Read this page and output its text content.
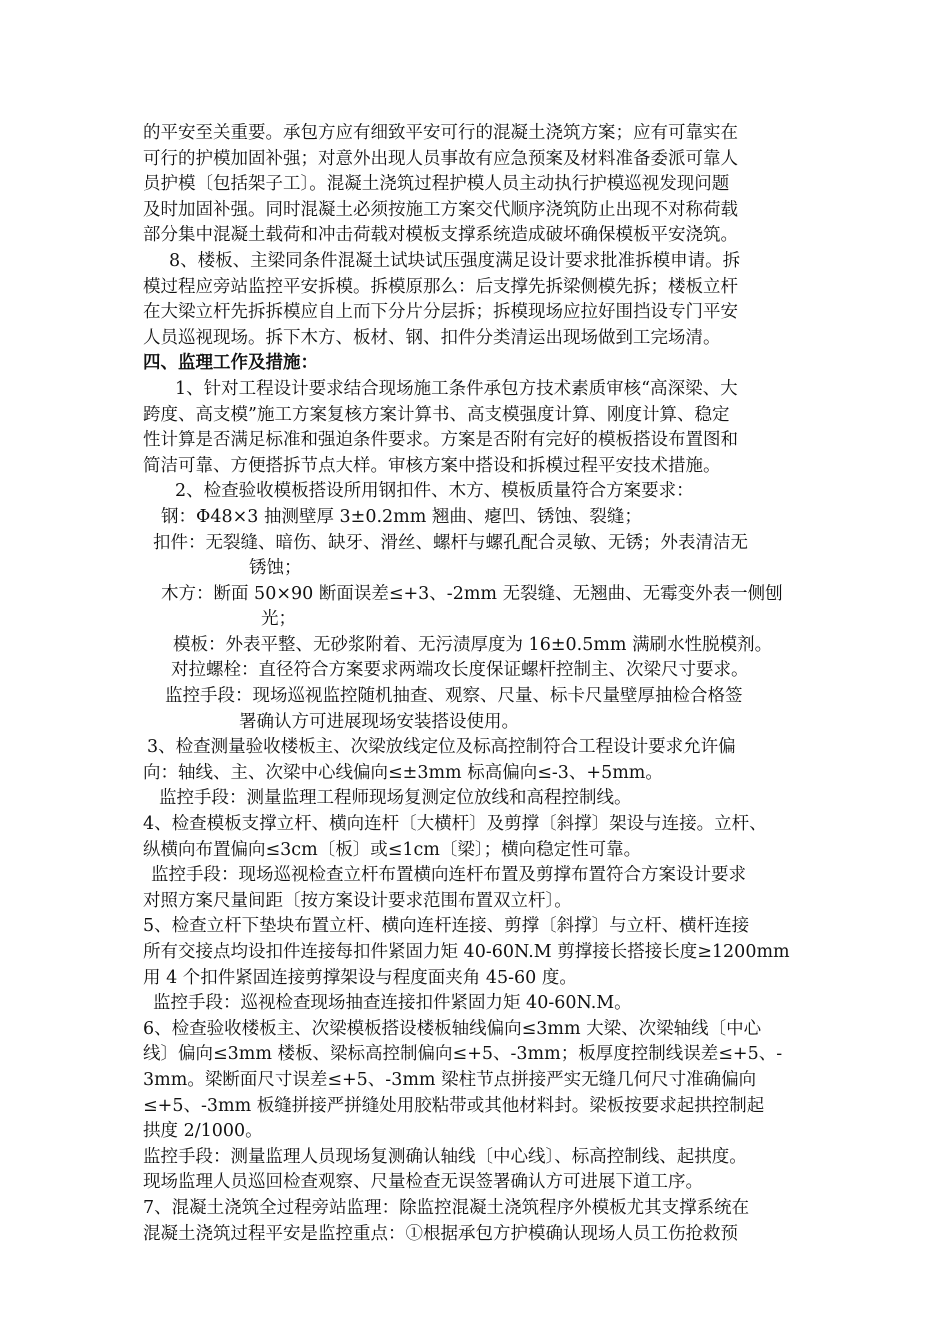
的平安至关重要。承包方应有细致平安可行的混凝土浇筑方案；应有可靠实在
可行的护模加固补强；对意外出现人员事故有应急预案及材料准备委派可靠人
员护模〔包括架子工〕。混凝土浇筑过程护模人员主动执行护模巡视发现问题
及时加固补强。同时混凝土必须按施工方案交代顺序浇筑防止出现不对称荷载
部分集中混凝土载荷和冲击荷载对模板支撑系统造成破坏确保模板平安浇筑。
8、楼板、主梁同条件混凝土试块试压强度满足设计要求批准拆模申请。拆
模过程应旁站监控平安拆模。拆模原那么：后支撑先拆梁侧模先拆；楼板立杆
在大梁立杆先拆拆模应自上而下分片分层拆；拆模现场应拉好围挡设专门平安
人员巡视现场。拆下木方、板材、钢、扣件分类清运出现场做到工完场清。
四、监理工作及措施：
1、针对工程设计要求结合现场施工条件承包方技术素质审核“高深梁、大
跨度、高支模”施工方案复核方案计算书、高支模强度计算、刚度计算、稳定
性计算是否满足标准和强迫条件要求。方案是否附有完好的模板搭设布置图和
简洁可靠、方便搭拆节点大样。审核方案中搭设和拆模过程平安技术措施。
2、检查验收模板搭设所用钢扣件、木方、模板质量符合方案要求：
钢：Φ48×3 抽测壁厚 3±0.2mm 翘曲、瘪凹、锈蚀、裂缝；
扣件：无裂缝、暗伤、缺牙、滑丝、螺杆与螺孔配合灵敏、无锈；外表清洁无
锈蚀；
木方：断面 50×90 断面误差≤+3、-2mm 无裂缝、无翘曲、无霉变外表一侧刨
光；
模板：外表平整、无砂浆附着、无污渍厚度为 16±0.5mm 满刷水性脱模剂。
对拉螺栓：直径符合方案要求两端攻长度保证螺杆控制主、次梁尺寸要求。
监控手段：现场巡视监控随机抽查、观察、尺量、标卡尺量壁厚抽检合格签
署确认方可进展现场安装搭设使用。
3、检查测量验收楼板主、次梁放线定位及标高控制符合工程设计要求允许偏
向：轴线、主、次梁中心线偏向≤±3mm 标高偏向≤-3、+5mm。
监控手段：测量监理工程师现场复测定位放线和高程控制线。
4、检查模板支撑立杆、横向连杆〔大横杆〕及剪撑〔斜撑〕架设与连接。立杆、
纵横向布置偏向≤3cm〔板〕或≤1cm〔梁〕；横向稳定性可靠。
监控手段：现场巡视检查立杆布置横向连杆布置及剪撑布置符合方案设计要求
对照方案尺量间距〔按方案设计要求范围布置双立杆〕。
5、检查立杆下垫块布置立杆、横向连杆连接、剪撑〔斜撑〕与立杆、横杆连接
所有交接点均设扣件连接每扣件紧固力矩 40-60N.M 剪撑接长搭接长度≥1200mm
用 4 个扣件紧固连接剪撑架设与程度面夹角 45-60 度。
监控手段：巡视检查现场抽查连接扣件紧固力矩 40-60N.M。
6、检查验收楼板主、次梁模板搭设楼板轴线偏向≤3mm 大梁、次梁轴线〔中心
线〕偏向≤3mm 楼板、梁标高控制偏向≤+5、-3mm；板厚度控制线误差≤+5、-
3mm。梁断面尺寸误差≤+5、-3mm 梁柱节点拼接严实无缝几何尺寸准确偏向
≤+5、-3mm 板缝拼接严拼缝处用胶粘带或其他材料封。梁板按要求起拱控制起
拱度 2/1000。
监控手段：测量监理人员现场复测确认轴线〔中心线〕、标高控制线、起拱度。
现场监理人员巡回检查观察、尺量检查无误签署确认方可进展下道工序。
7、混凝土浇筑全过程旁站监理：除监控混凝土浇筑程序外模板尤其支撑系统在
混凝土浇筑过程平安是监控重点：①根据承包方护模确认现场人员工伤抢救预
